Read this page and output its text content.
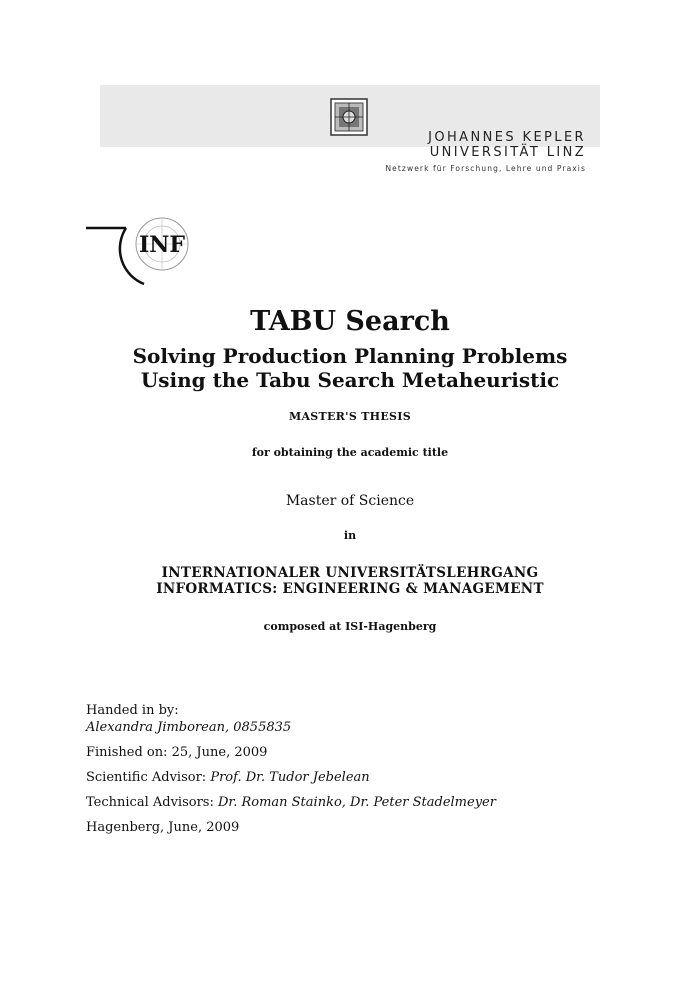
JOHANNES KEPLER
UNIVERSITÄT LINZ
Netzwerk für Forschung, Lehre und Praxis
INF
TABU Search
Solving Production Planning Problems
Using the Tabu Search Metaheuristic
MASTER'S THESIS
for obtaining the academic title
Master of Science
in
INTERNATIONALER UNIVERSITÄTSLEHRGANG
INFORMATICS: ENGINEERING & MANAGEMENT
composed at ISI-Hagenberg
Handed in by:
Alexandra Jimborean, 0855835
Finished on: 25, June, 2009
Scientific Advisor: Prof. Dr. Tudor Jebelean
Technical Advisors: Dr. Roman Stainko, Dr. Peter Stadelmeyer
Hagenberg, June, 2009
